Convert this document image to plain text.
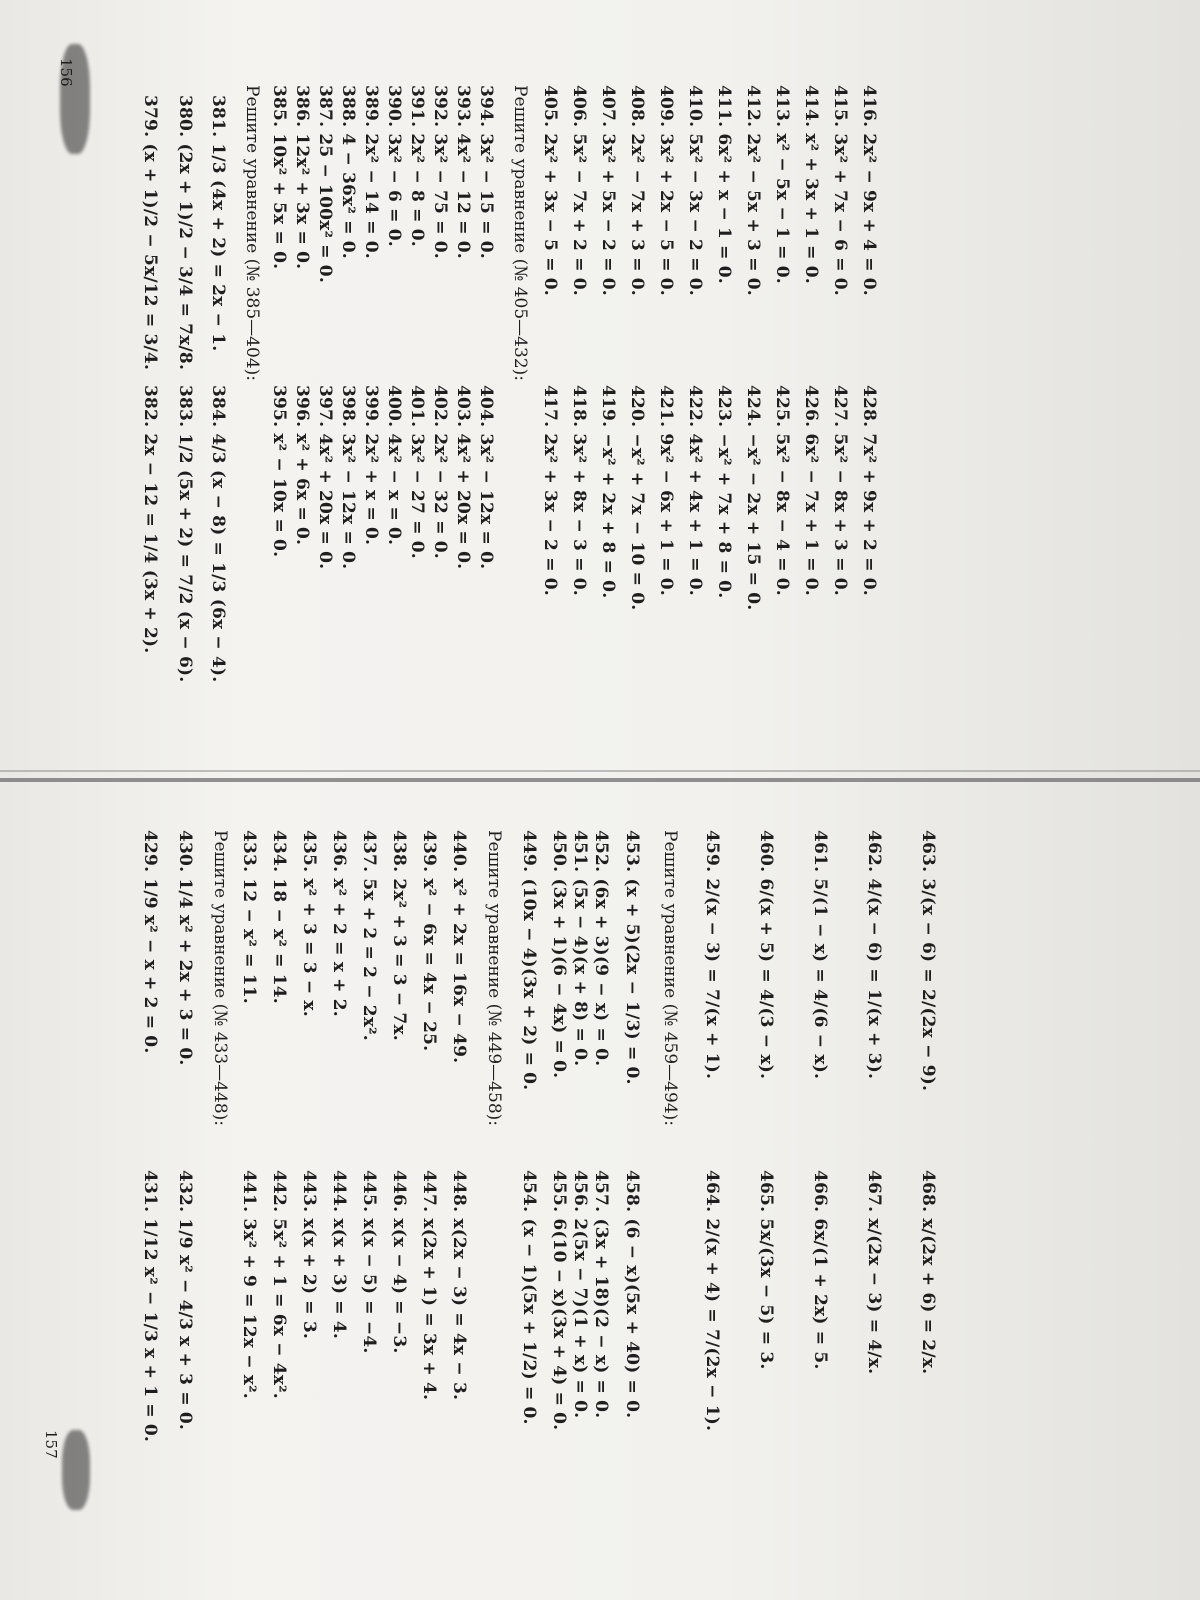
379. (x + 1)/2 − 5x/12 = 3/4.
382. 2x − 12 = 1/4 (3x + 2).
380. (2x + 1)/2 − 3/4 = 7x/8.
383. 1/2 (5x + 2) = 7/2 (x − 6).
381. 1/3 (4x + 2) = 2x − 1.
384. 4/3 (x − 8) = 1/3 (6x − 4).
Решите уравнение (№ 385—404): 385. 10x² + 5x = 0.
395. x² − 10x = 0.
386. 12x² + 3x = 0.
396. x² + 6x = 0.
387. 25 − 100x² = 0.
397. 4x² + 20x = 0.
388. 4 − 36x² = 0.
398. 3x² − 12x = 0.
389. 2x² − 14 = 0.
399. 2x² + x = 0.
390. 3x² − 6 = 0.
400. 4x² − x = 0.
391. 2x² − 8 = 0.
401. 3x² − 27 = 0.
392. 3x² − 75 = 0.
402. 2x² − 32 = 0.
393. 4x² − 12 = 0.
403. 4x² + 20x = 0.
394. 3x² − 15 = 0.
404. 3x² − 12x = 0.
Решите уравнение (№ 405—432): 405. 2x² + 3x − 5 = 0.
417. 2x² + 3x − 2 = 0.
406. 5x² − 7x + 2 = 0.
418. 3x² + 8x − 3 = 0.
407. 3x² + 5x − 2 = 0.
419. −x² + 2x + 8 = 0.
408. 2x² − 7x + 3 = 0.
420. −x² + 7x − 10 = 0.
409. 3x² + 2x − 5 = 0.
421. 9x² − 6x + 1 = 0.
410. 5x² − 3x − 2 = 0.
422. 4x² + 4x + 1 = 0.
411. 6x² + x − 1 = 0.
423. −x² + 7x + 8 = 0.
412. 2x² − 5x + 3 = 0.
424. −x² − 2x + 15 = 0.
413. x² − 5x − 1 = 0.
425. 5x² − 8x − 4 = 0.
414. x² + 3x + 1 = 0.
426. 6x² − 7x + 1 = 0.
415. 3x² + 7x − 6 = 0.
427. 5x² − 8x + 3 = 0.
416. 2x² − 9x + 4 = 0.
428. 7x² + 9x + 2 = 0.
156
429. 1/9 x² − x + 2 = 0.
431. 1/12 x² − 1/3 x + 1 = 0.
430. 1/4 x² + 2x + 3 = 0.
432. 1/9 x² − 4/3 x + 3 = 0.
Решите уравнение (№ 433—448): 433. 12 − x² = 11.
441. 3x² + 9 = 12x − x².
434. 18 − x² = 14.
442. 5x² + 1 = 6x − 4x².
435. x² + 3 = 3 − x.
443. x(x + 2) = 3.
436. x² + 2 = x + 2.
444. x(x + 3) = 4.
437. 5x + 2 = 2 − 2x².
445. x(x − 5) = −4.
438. 2x² + 3 = 3 − 7x.
446. x(x − 4) = −3.
439. x² − 6x = 4x − 25.
447. x(2x + 1) = 3x + 4.
440. x² + 2x = 16x − 49.
448. x(2x − 3) = 4x − 3.
Решите уравнение (№ 449—458): 449. (10x − 4)(3x + 2) = 0.
454. (x − 1)(5x + 1/2) = 0.
450. (3x + 1)(6 − 4x) = 0.
455. 6(10 − x)(3x + 4) = 0.
451. (5x − 4)(x + 8) = 0.
456. 2(5x − 7)(1 + x) = 0.
452. (6x + 3)(9 − x) = 0.
457. (3x + 18)(2 − x) = 0.
453. (x + 5)(2x − 1/3) = 0.
458. (6 − x)(5x + 40) = 0.
Решите уравнение (№ 459—494): 459. 2/(x − 3) = 7/(x + 1).
464. 2/(x + 4) = 7/(2x − 1).
460. 6/(x + 5) = 4/(3 − x).
465. 5x/(3x − 5) = 3.
461. 5/(1 − x) = 4/(6 − x).
466. 6x/(1 + 2x) = 5.
462. 4/(x − 6) = 1/(x + 3).
467. x/(2x − 3) = 4/x.
463. 3/(x − 6) = 2/(2x − 9).
468. x/(2x + 6) = 2/x.
157
